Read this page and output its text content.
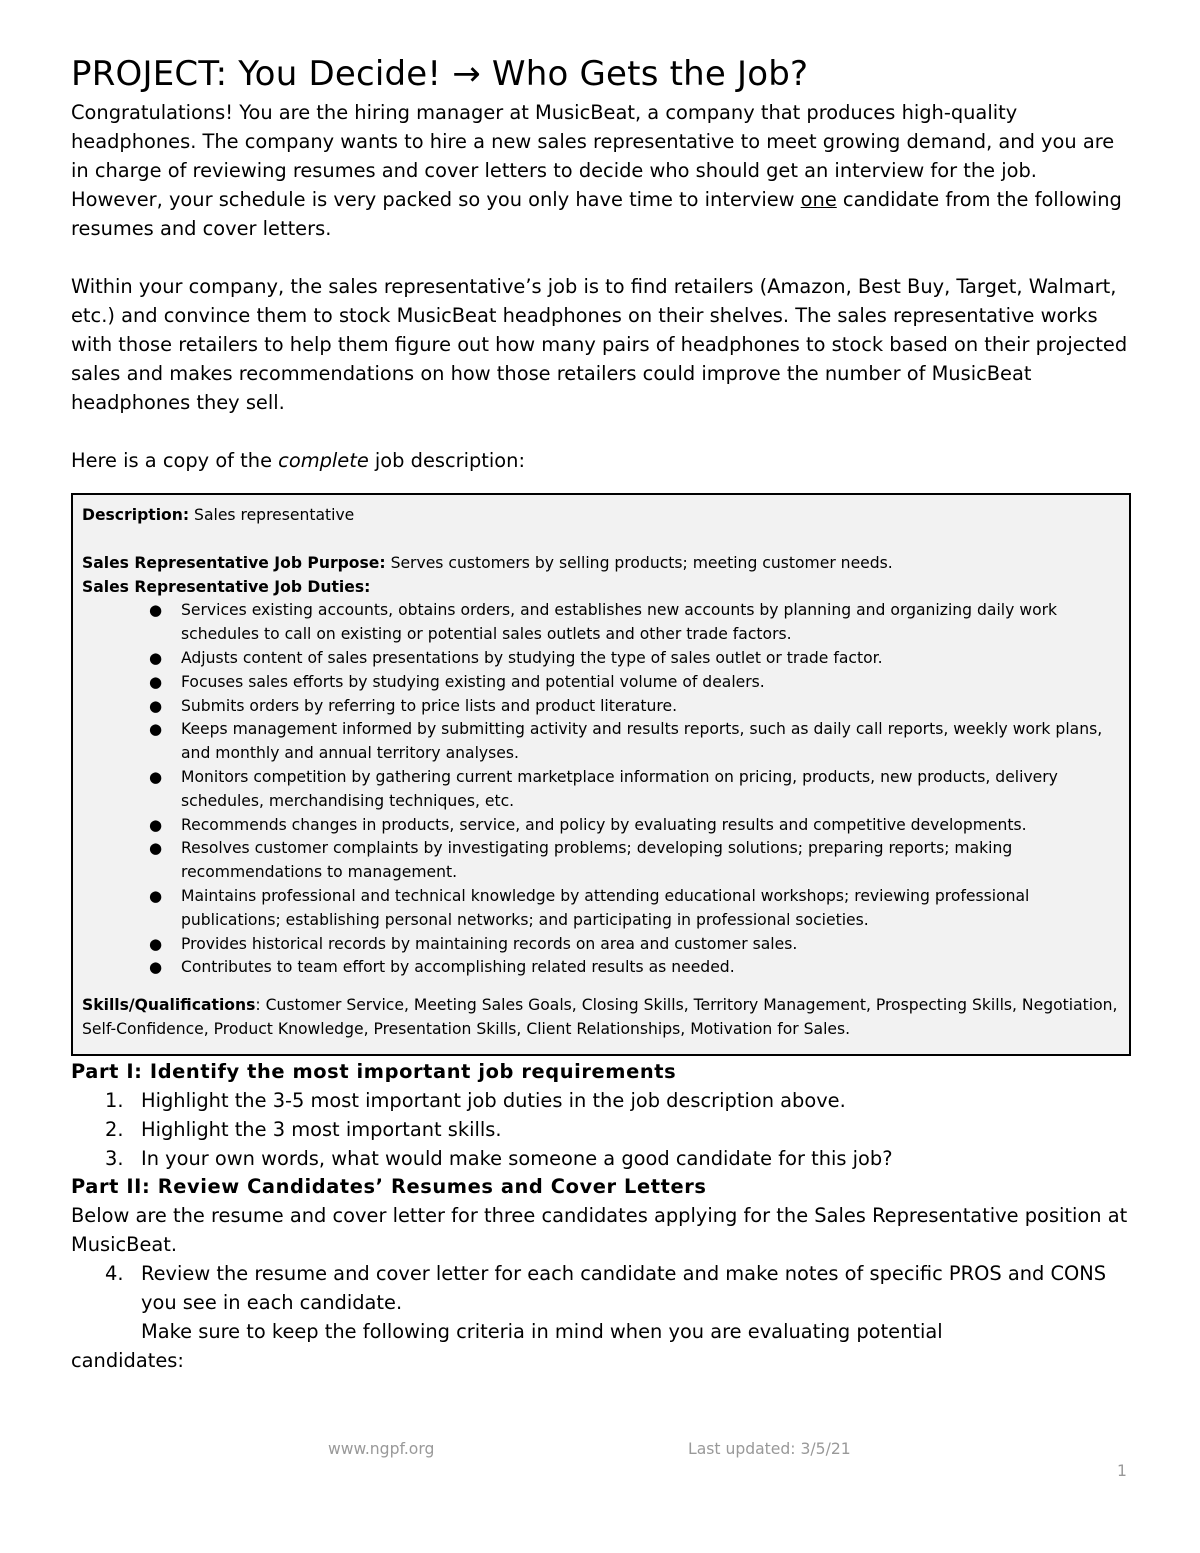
PROJECT: You Decide! → Who Gets the Job?

Congratulations! You are the hiring manager at MusicBeat, a company that produces high-quality headphones. The company wants to hire a new sales representative to meet growing demand, and you are in charge of reviewing resumes and cover letters to decide who should get an interview for the job. However, your schedule is very packed so you only have time to interview one candidate from the following resumes and cover letters.

Within your company, the sales representative’s job is to find retailers (Amazon, Best Buy, Target, Walmart, etc.) and convince them to stock MusicBeat headphones on their shelves. The sales representative works with those retailers to help them figure out how many pairs of headphones to stock based on their projected sales and makes recommendations on how those retailers could improve the number of MusicBeat headphones they sell.

Here is a copy of the complete job description:

Description: Sales representative

Sales Representative Job Purpose: Serves customers by selling products; meeting customer needs.

Sales Representative Job Duties:

● Services existing accounts, obtains orders, and establishes new accounts by planning and organizing daily work schedules to call on existing or potential sales outlets and other trade factors.
● Adjusts content of sales presentations by studying the type of sales outlet or trade factor.
● Focuses sales efforts by studying existing and potential volume of dealers.
● Submits orders by referring to price lists and product literature.
● Keeps management informed by submitting activity and results reports, such as daily call reports, weekly work plans, and monthly and annual territory analyses.
● Monitors competition by gathering current marketplace information on pricing, products, new products, delivery schedules, merchandising techniques, etc.
● Recommends changes in products, service, and policy by evaluating results and competitive developments.
● Resolves customer complaints by investigating problems; developing solutions; preparing reports; making recommendations to management.
● Maintains professional and technical knowledge by attending educational workshops; reviewing professional publications; establishing personal networks; and participating in professional societies.
● Provides historical records by maintaining records on area and customer sales.
● Contributes to team effort by accomplishing related results as needed.

Skills/Qualifications: Customer Service, Meeting Sales Goals, Closing Skills, Territory Management, Prospecting Skills, Negotiation, Self-Confidence, Product Knowledge, Presentation Skills, Client Relationships, Motivation for Sales.

Part I: Identify the most important job requirements
1. Highlight the 3-5 most important job duties in the job description above.
2. Highlight the 3 most important skills.
3. In your own words, what would make someone a good candidate for this job?
Part II: Review Candidates’ Resumes and Cover Letters

Below are the resume and cover letter for three candidates applying for the Sales Representative position at MusicBeat.

4. Review the resume and cover letter for each candidate and make notes of specific PROS and CONS you see in each candidate.

Make sure to keep the following criteria in mind when you are evaluating potential

candidates:

www.ngpf.org	Last updated: 3/5/21
1
